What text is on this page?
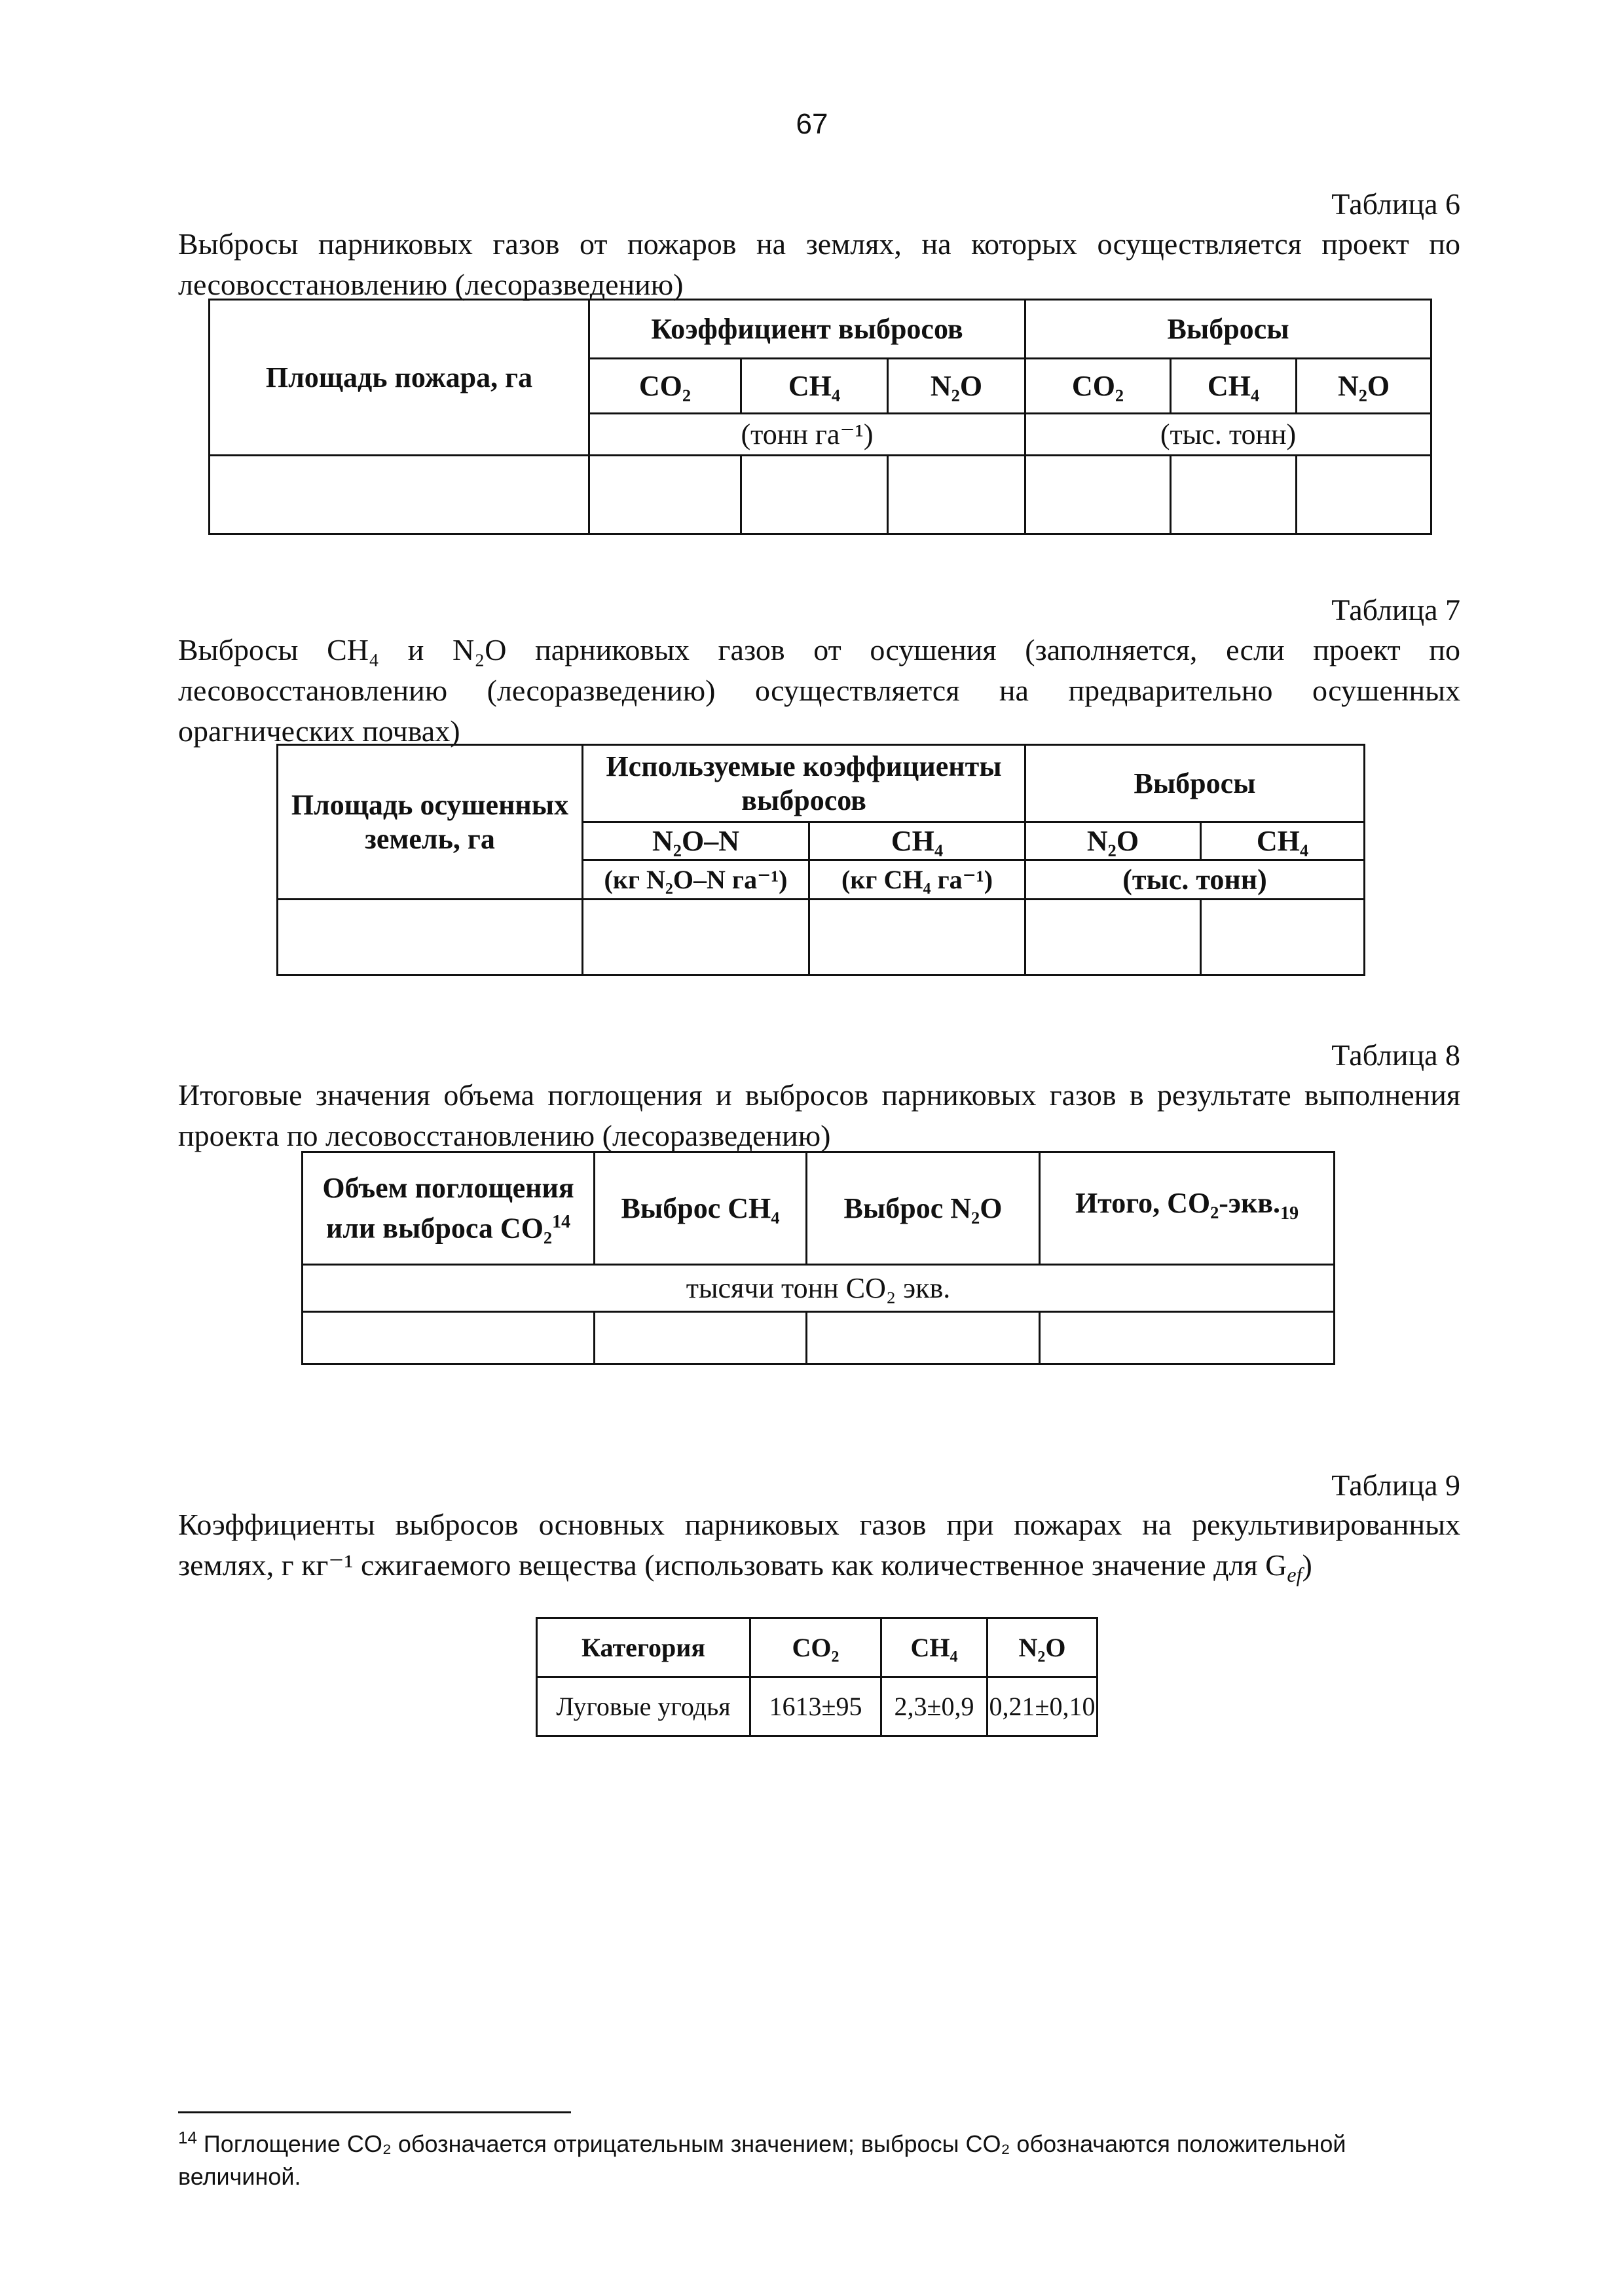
67
Таблица 6

Выбросы парниковых газов от пожаров на землях, на которых осуществляется проект по лесовосстановлению (лесоразведению)

Площадь пожара, га	Коэффициент выбросов			Выбросы		
	CO₂	CH₄	N₂O	CO₂	CH₄	N₂O
	(тонн га⁻¹)			(тыс. тонн)		

Таблица 7

Выбросы CH₄ и N₂O парниковых газов от осушения (заполняется, если проект по лесовосстановлению (лесоразведению) осуществляется на предварительно осушенных орагнических почвах)

Площадь осушенных земель, га	Используемые коэффициенты выбросов		Выбросы	
	N₂O–N	CH₄	N₂O	CH₄
	(кг N₂O–N га⁻¹)	(кг CH₄ га⁻¹)	(тыс. тонн)	

Таблица 8

Итоговые значения объема поглощения и выбросов парниковых газов в результате выполнения проекта по лесовосстановлению (лесоразведению)

Объем поглощения или выброса CO₂$^{14}$	Выброс CH₄	Выброс N₂O	Итого, CO₂-$экв._{19}$
тысячи тонн CO₂ экв.			

Таблица 9

Коэффициенты выбросов основных парниковых газов при пожарах на рекультивированных землях, г кг⁻¹ сжигаемого вещества (использовать как количественное значение для $G_{ef}$)

Категория	CO₂	CH₄	N₂O
Луговые угодья	1613±95	2,3±0,9	0,21±0,10

$^{14}$ Поглощение CO₂ обозначается отрицательным значением; выбросы CO₂ обозначаются положительной величиной.
